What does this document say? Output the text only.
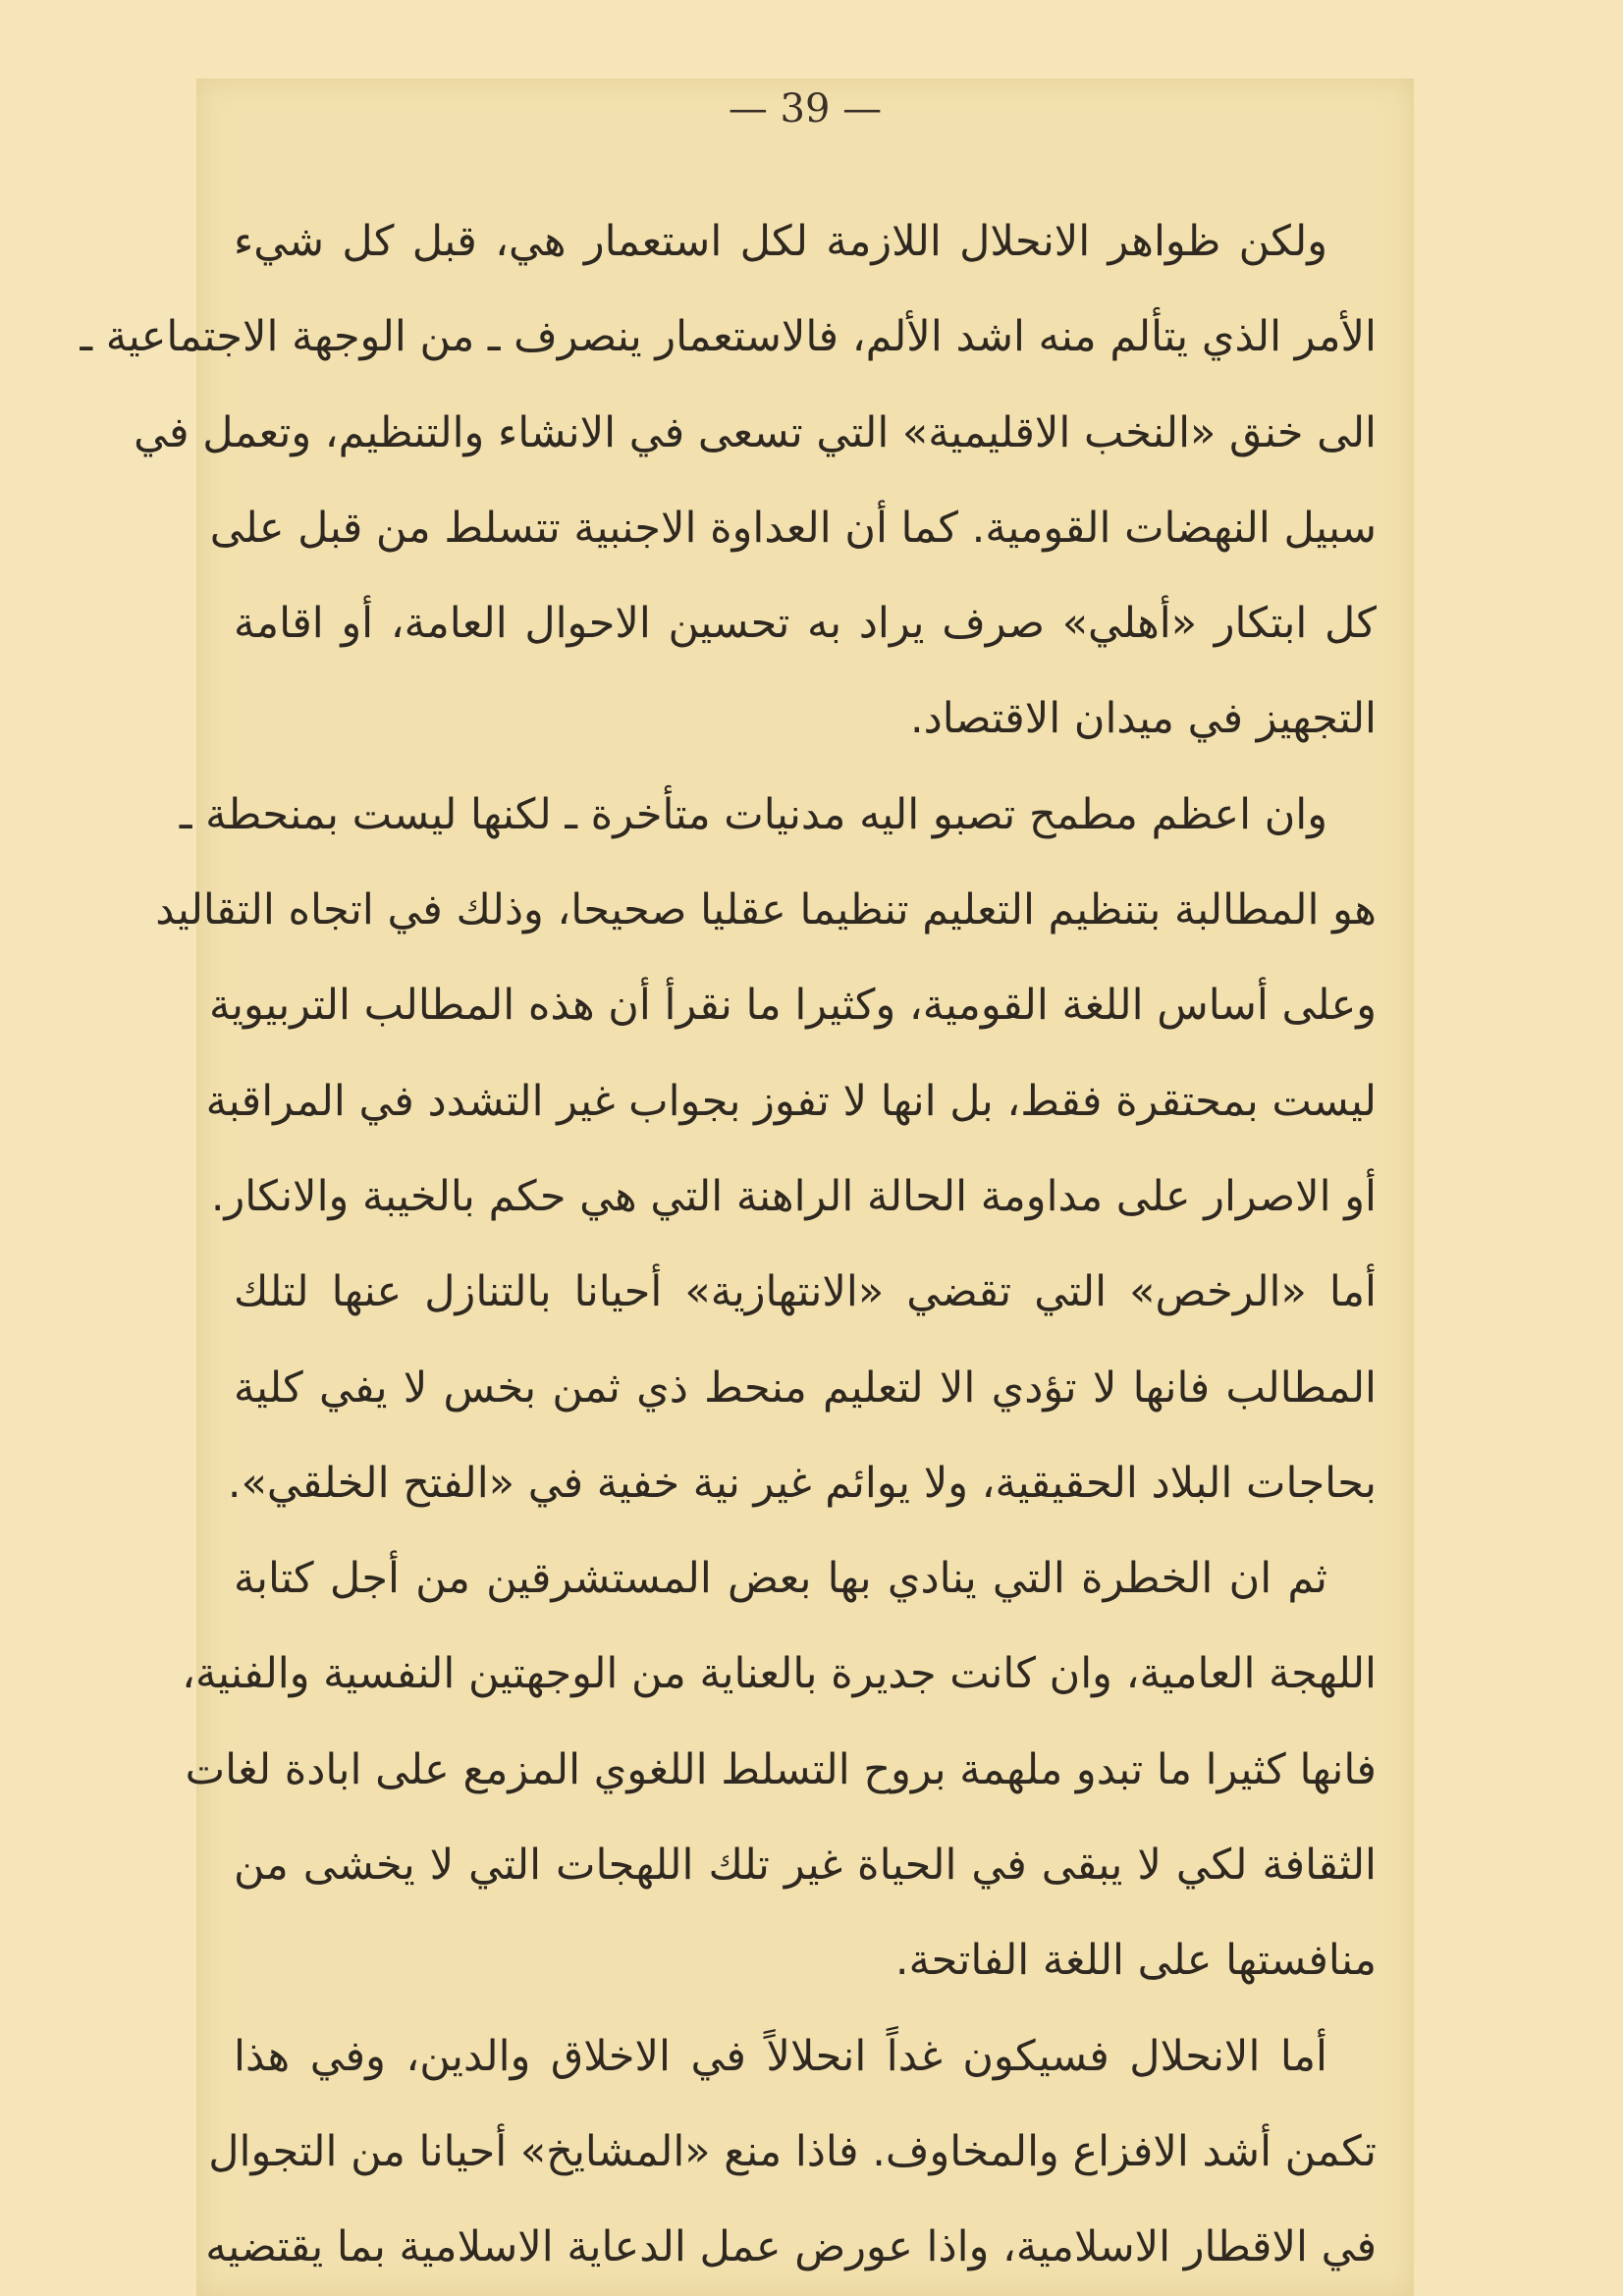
— 39 —

ولكن ظواهر الانحلال اللازمة لكل استعمار هي، قبل كل شيء
الأمر الذي يتألم منه اشد الألم، فالاستعمار ينصرف ـ من الوجهة الاجتماعية ـ
الى خنق «النخب الاقليمية» التي تسعى في الانشاء والتنظيم، وتعمل في
سبيل النهضات القومية. كما أن العداوة الاجنبية تتسلط من قبل على
كل ابتكار «أهلي» صرف يراد به تحسين الاحوال العامة، أو اقامة
التجهيز في ميدان الاقتصاد.

وان اعظم مطمح تصبو اليه مدنيات متأخرة ـ لكنها ليست بمنحطة ـ
هو المطالبة بتنظيم التعليم تنظيما عقليا صحيحا، وذلك في اتجاه التقاليد
وعلى أساس اللغة القومية، وكثيرا ما نقرأ أن هذه المطالب التربيوية
ليست بمحتقرة فقط، بل انها لا تفوز بجواب غير التشدد في المراقبة
أو الاصرار على مداومة الحالة الراهنة التي هي حكم بالخيبة والانكار.
أما «الرخص» التي تقضي «الانتهازية» أحيانا بالتنازل عنها لتلك
المطالب فانها لا تؤدي الا لتعليم منحط ذي ثمن بخس لا يفي كلية
بحاجات البلاد الحقيقية، ولا يوائم غير نية خفية في «الفتح الخلقي».

ثم ان الخطرة التي ينادي بها بعض المستشرقين من أجل كتابة
اللهجة العامية، وان كانت جديرة بالعناية من الوجهتين النفسية والفنية،
فانها كثيرا ما تبدو ملهمة بروح التسلط اللغوي المزمع على ابادة لغات
الثقافة لكي لا يبقى في الحياة غير تلك اللهجات التي لا يخشى من
منافستها على اللغة الفاتحة.

أما الانحلال فسيكون غداً انحلالاً في الاخلاق والدين، وفي هذا
تكمن أشد الافزاع والمخاوف. فاذا منع «المشايخ» أحيانا من التجوال
في الاقطار الاسلامية، واذا عورض عمل الدعاية الاسلامية بما يقتضيه
